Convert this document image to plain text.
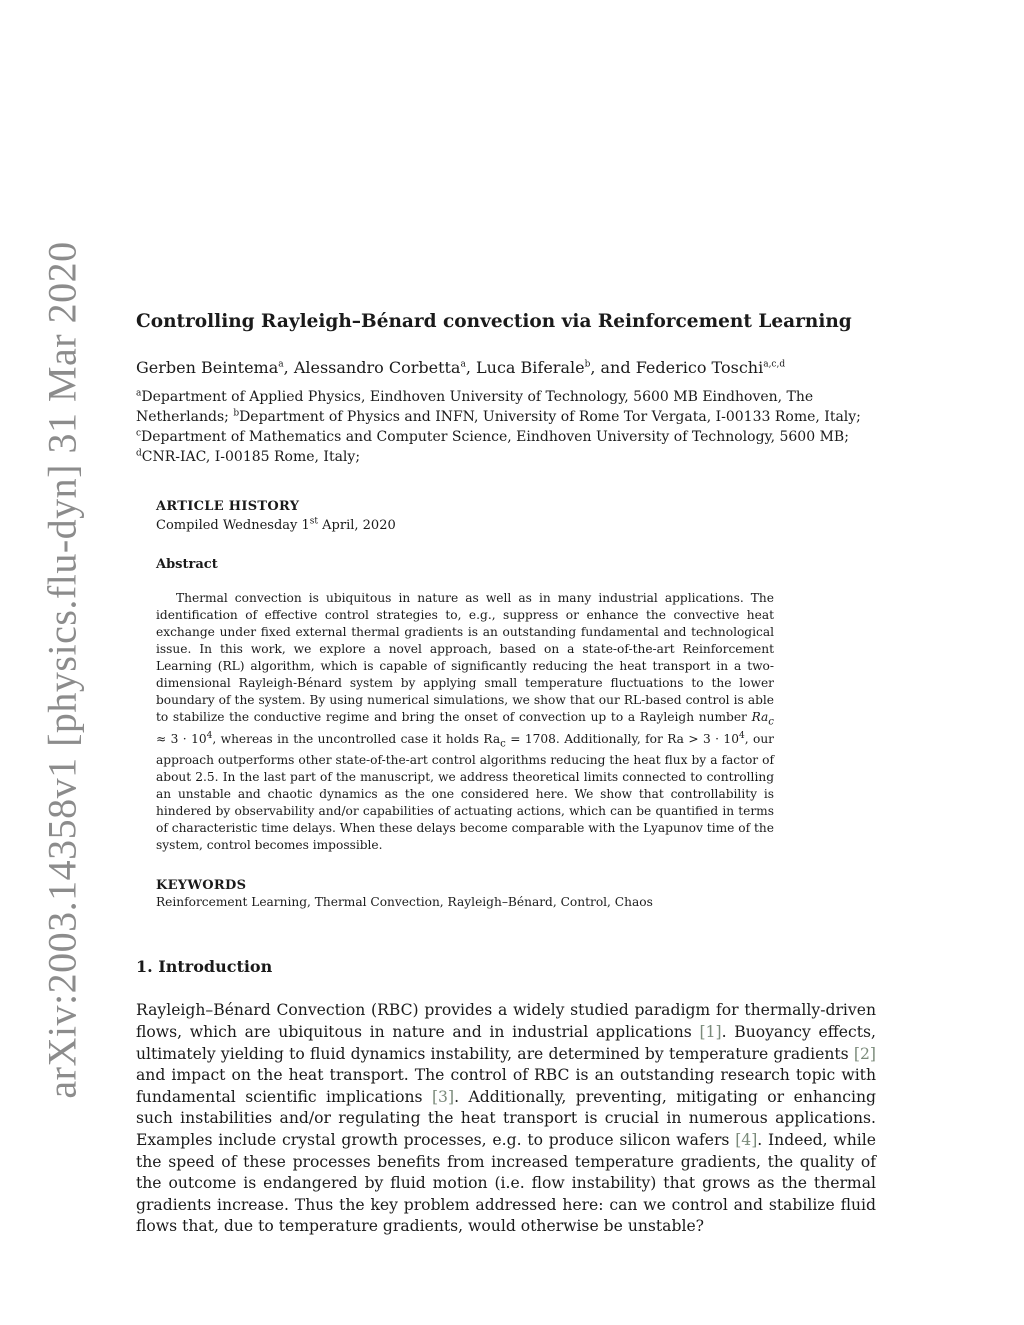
arXiv:2003.14358v1 [physics.flu-dyn] 31 Mar 2020	Controlling Rayleigh–Bénard convection via Reinforcement Learning
Gerben Beintema$^a$, Alessandro Corbetta$^a$, Luca Biferale$^b$, and Federico Toschi$^{a,c,d}$
$^a$Department of Applied Physics, Eindhoven University of Technology, 5600 MB Eindhoven, The Netherlands; $^b$Department of Physics and INFN, University of Rome Tor Vergata, I-00133 Rome, Italy; $^c$Department of Mathematics and Computer Science, Eindhoven University of Technology, 5600 MB; $^d$CNR-IAC, I-00185 Rome, Italy;
ARTICLE HISTORY
Compiled Wednesday 1st April, 2020
Abstract
Thermal convection is ubiquitous in nature as well as in many industrial applications. The identification of effective control strategies to, e.g., suppress or enhance the convective heat exchange under fixed external thermal gradients is an outstanding fundamental and technological issue. In this work, we explore a novel approach, based on a state-of-the-art Reinforcement Learning (RL) algorithm, which is capable of significantly reducing the heat transport in a two-dimensional Rayleigh-Bénard system by applying small temperature fluctuations to the lower boundary of the system. By using numerical simulations, we show that our RL-based control is able to stabilize the conductive regime and bring the onset of convection up to a Rayleigh number $Ra_c \approx 3 \cdot 10^4$, whereas in the uncontrolled case it holds $Ra_c = 1708$. Additionally, for $Ra > 3 \cdot 10^4$, our approach outperforms other state-of-the-art control algorithms reducing the heat flux by a factor of about 2.5. In the last part of the manuscript, we address theoretical limits connected to controlling an unstable and chaotic dynamics as the one considered here. We show that controllability is hindered by observability and/or capabilities of actuating actions, which can be quantified in terms of characteristic time delays. When these delays become comparable with the Lyapunov time of the system, control becomes impossible.
KEYWORDS
Reinforcement Learning, Thermal Convection, Rayleigh–Bénard, Control, Chaos
1. Introduction
Rayleigh–Bénard Convection (RBC) provides a widely studied paradigm for thermally-driven flows, which are ubiquitous in nature and in industrial applications [1]. Buoyancy effects, ultimately yielding to fluid dynamics instability, are determined by temperature gradients [2] and impact on the heat transport. The control of RBC is an outstanding research topic with fundamental scientific implications [3]. Additionally, preventing, mitigating or enhancing such instabilities and/or regulating the heat transport is crucial in numerous applications. Examples include crystal growth processes, e.g. to produce silicon wafers [4]. Indeed, while the speed of these processes benefits from increased temperature gradients, the quality of the outcome is endangered by fluid motion (i.e. flow instability) that grows as the thermal gradients increase. Thus the key problem addressed here: can we control and stabilize fluid flows that, due to temperature gradients, would otherwise be unstable?
